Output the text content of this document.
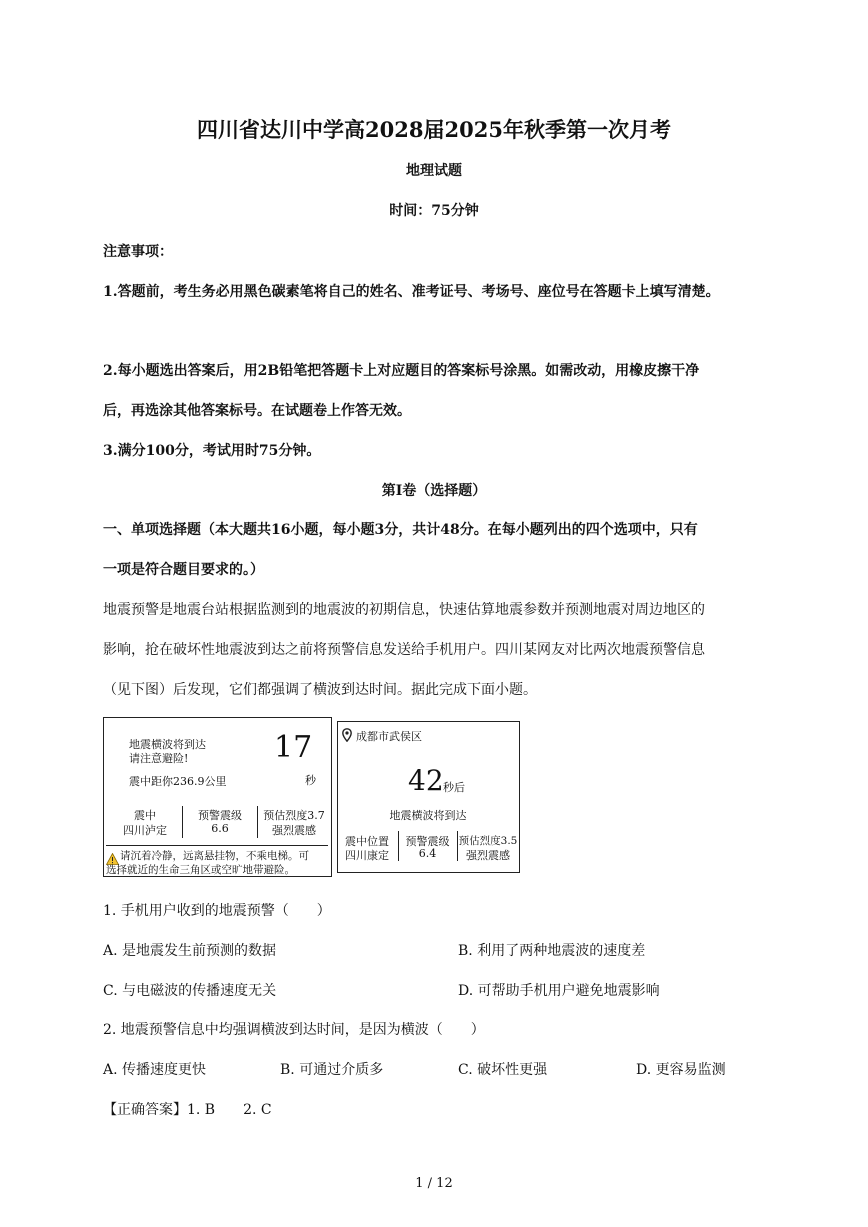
四川省达川中学高2028届2025年秋季第一次月考
地理试题
时间：75分钟
注意事项：
1.答题前，考生务必用黑色碳素笔将自己的姓名、准考证号、考场号、座位号在答题卡上填写清楚。
2.每小题选出答案后，用2B铅笔把答题卡上对应题目的答案标号涂黑。如需改动，用橡皮擦干净
后，再选涂其他答案标号。在试题卷上作答无效。
3.满分100分，考试用时75分钟。
第Ⅰ卷（选择题）
一、单项选择题（本大题共16小题，每小题3分，共计48分。在每小题列出的四个选项中，只有
一项是符合题目要求的。）
地震预警是地震台站根据监测到的地震波的初期信息，快速估算地震参数并预测地震对周边地区的
影响，抢在破坏性地震波到达之前将预警信息发送给手机用户。四川某网友对比两次地震预警信息
（见下图）后发现，它们都强调了横波到达时间。据此完成下面小题。
地震横波将到达
请注意避险!	17
秒
震中距你236.9公里
震中
四川泸定
预警震级
6.6
预估烈度3.7
强烈震感
请沉着冷静，远离悬挂物，不乘电梯。可
选择就近的生命三角区或空旷地带避险。
成都市武侯区
42 秒后
地震横波将到达
震中位置
四川康定
预警震级
6.4
预估烈度3.5
强烈震感
1. 手机用户收到的地震预警（　　）
A. 是地震发生前预测的数据	B. 利用了两种地震波的速度差
C. 与电磁波的传播速度无关	D. 可帮助手机用户避免地震影响
2. 地震预警信息中均强调横波到达时间，是因为横波（　　）
A. 传播速度更快	B. 可通过介质多	C. 破坏性更强	D. 更容易监测
【正确答案】1. B　　2. C
1 / 12
